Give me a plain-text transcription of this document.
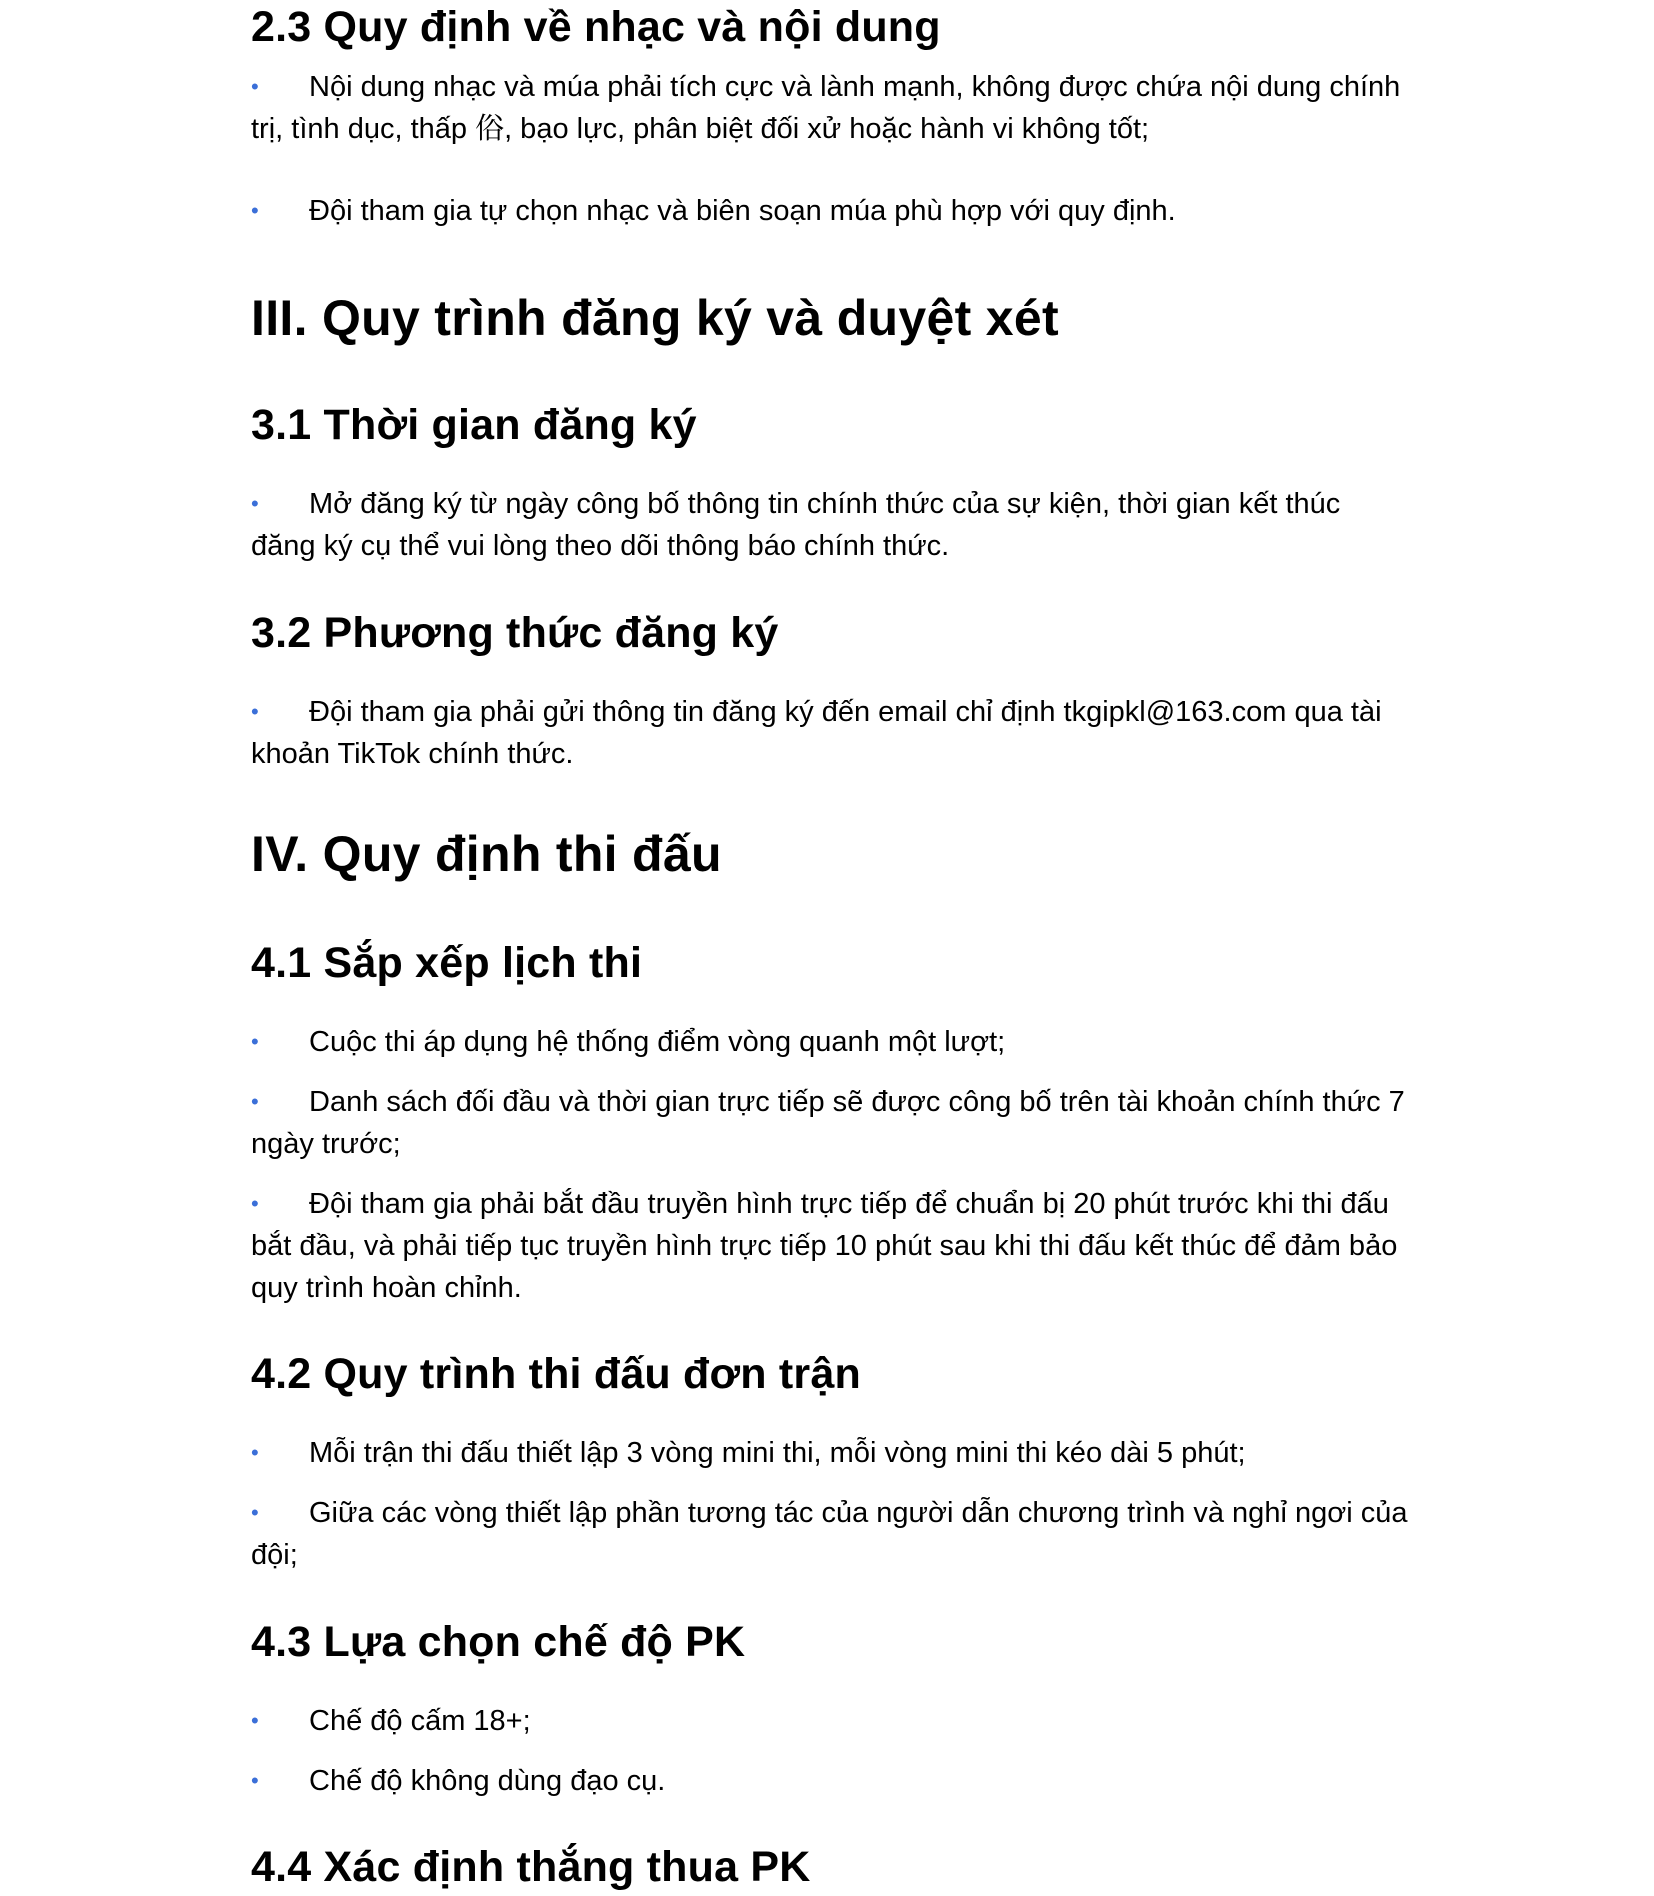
2.3 Quy định về nhạc và nội dung

• Nội dung nhạc và múa phải tích cực và lành mạnh, không được chứa nội dung chính trị, tình dục, thấp 俗, bạo lực, phân biệt đối xử hoặc hành vi không tốt;

• Đội tham gia tự chọn nhạc và biên soạn múa phù hợp với quy định.

III. Quy trình đăng ký và duyệt xét
3.1 Thời gian đăng ký

• Mở đăng ký từ ngày công bố thông tin chính thức của sự kiện, thời gian kết thúc đăng ký cụ thể vui lòng theo dõi thông báo chính thức.

3.2 Phương thức đăng ký

• Đội tham gia phải gửi thông tin đăng ký đến email chỉ định tkgipkl@163.com qua tài khoản TikTok chính thức.

IV. Quy định thi đấu
4.1 Sắp xếp lịch thi

• Cuộc thi áp dụng hệ thống điểm vòng quanh một lượt;

• Danh sách đối đầu và thời gian trực tiếp sẽ được công bố trên tài khoản chính thức 7 ngày trước;

• Đội tham gia phải bắt đầu truyền hình trực tiếp để chuẩn bị 20 phút trước khi thi đấu bắt đầu, và phải tiếp tục truyền hình trực tiếp 10 phút sau khi thi đấu kết thúc để đảm bảo quy trình hoàn chỉnh.

4.2 Quy trình thi đấu đơn trận

• Mỗi trận thi đấu thiết lập 3 vòng mini thi, mỗi vòng mini thi kéo dài 5 phút;

• Giữa các vòng thiết lập phần tương tác của người dẫn chương trình và nghỉ ngơi của đội;

4.3 Lựa chọn chế độ PK

• Chế độ cấm 18+;

• Chế độ không dùng đạo cụ.

4.4 Xác định thắng thua PK
